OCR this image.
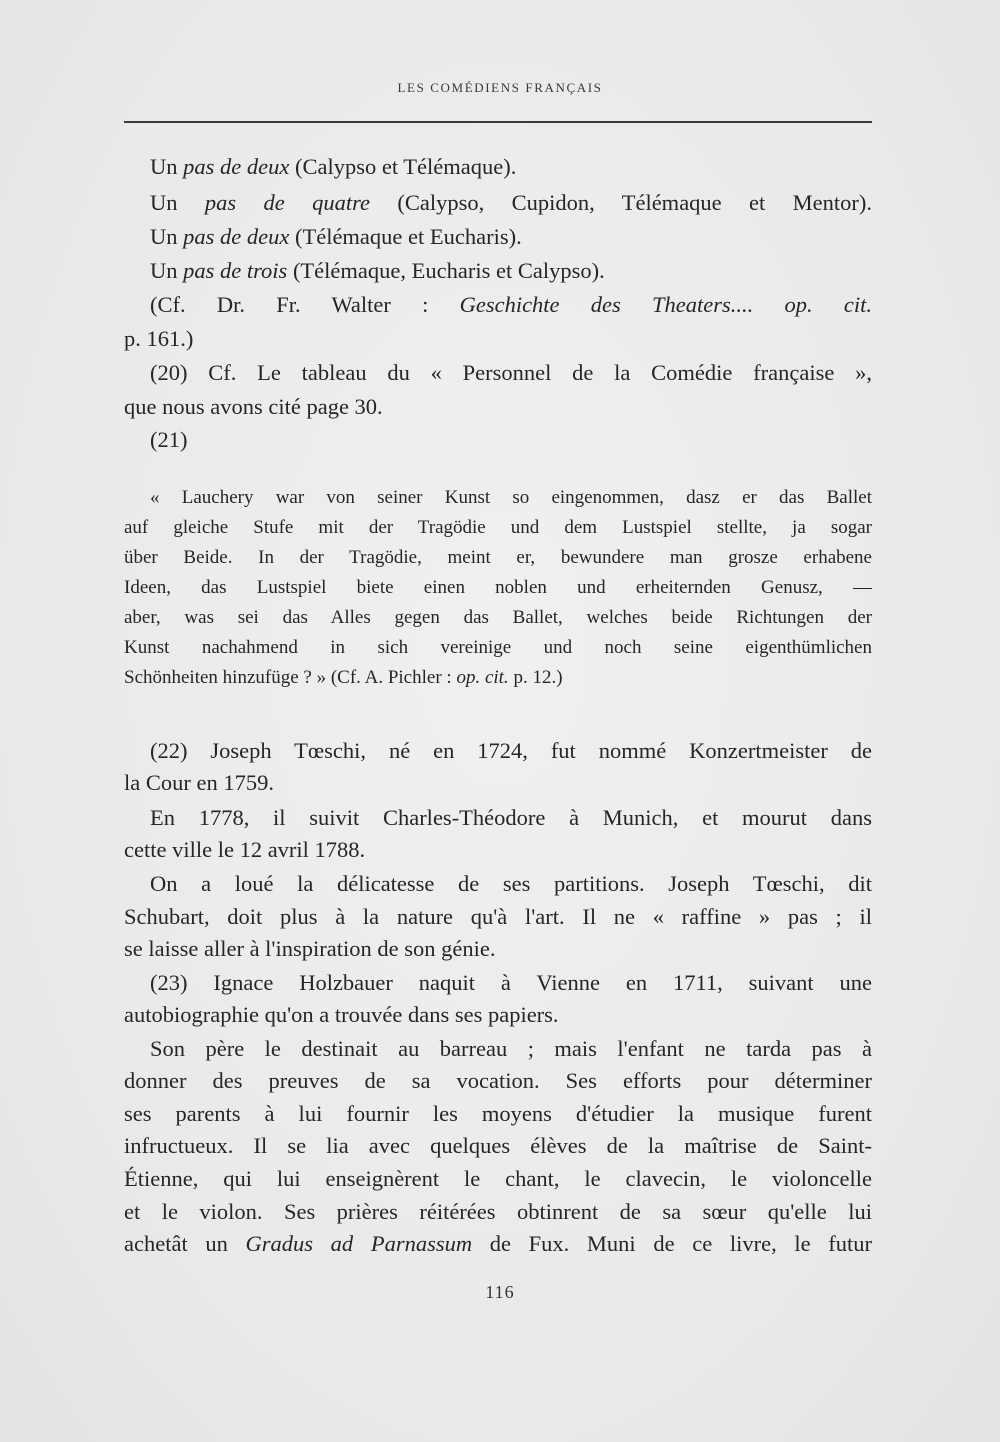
LES COMÉDIENS FRANÇAIS
Un pas de deux (Calypso et Télémaque).
Un pas de quatre (Calypso, Cupidon, Télémaque et Mentor).
Un pas de deux (Télémaque et Eucharis).
Un pas de trois (Télémaque, Eucharis et Calypso).
(Cf. Dr. Fr. Walter : Geschichte des Theaters.... op. cit.
p. 161.)
(20) Cf. Le tableau du « Personnel de la Comédie française »,
que nous avons cité page 30.
(21)
« Lauchery war von seiner Kunst so eingenommen, dasz er das Ballet
auf gleiche Stufe mit der Tragödie und dem Lustspiel stellte, ja sogar
über Beide. In der Tragödie, meint er, bewundere man grosze erhabene
Ideen, das Lustspiel biete einen noblen und erheiternden Genusz, —
aber, was sei das Alles gegen das Ballet, welches beide Richtungen der
Kunst nachahmend in sich vereinige und noch seine eigenthümlichen
Schönheiten hinzufüge ? » (Cf. A. Pichler : op. cit. p. 12.)
(22) Joseph Tœschi, né en 1724, fut nommé Konzertmeister de
la Cour en 1759.
En 1778, il suivit Charles-Théodore à Munich, et mourut dans
cette ville le 12 avril 1788.
On a loué la délicatesse de ses partitions. Joseph Tœschi, dit
Schubart, doit plus à la nature qu'à l'art. Il ne « raffine » pas ; il
se laisse aller à l'inspiration de son génie.
(23) Ignace Holzbauer naquit à Vienne en 1711, suivant une
autobiographie qu'on a trouvée dans ses papiers.
Son père le destinait au barreau ; mais l'enfant ne tarda pas à
donner des preuves de sa vocation. Ses efforts pour déterminer
ses parents à lui fournir les moyens d'étudier la musique furent
infructueux. Il se lia avec quelques élèves de la maîtrise de Saint-
Étienne, qui lui enseignèrent le chant, le clavecin, le violoncelle
et le violon. Ses prières réitérées obtinrent de sa sœur qu'elle lui
achetât un Gradus ad Parnassum de Fux. Muni de ce livre, le futur
116
